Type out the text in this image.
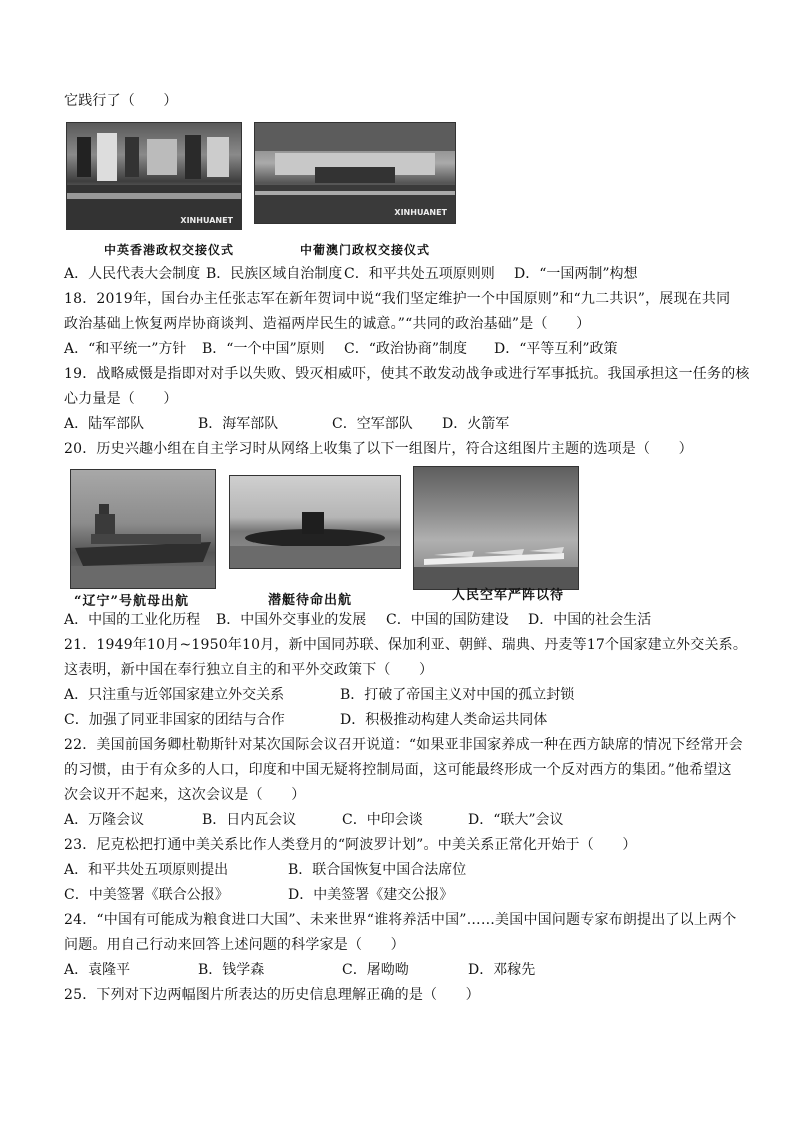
它践行了（　　）
XINHUANET
XINHUANET
中英香港政权交接仪式	中葡澳门政权交接仪式
A．人民代表大会制度 B．民族区域自治制度 C．和平共处五项原则则 D．“一国两制”构想
18．2019年，国台办主任张志军在新年贺词中说“我们坚定维护一个中国原则”和“九二共识”，展现在共同
政治基础上恢复两岸协商谈判、造福两岸民生的诚意。”“共同的政治基础”是（　　）
A．“和平统一”方针 B．“一个中国”原则 C．“政治协商”制度 D．“平等互利”政策
19．战略威慑是指即对对手以失败、毁灭相威吓，使其不敢发动战争或进行军事抵抗。我国承担这一任务的核
心力量是（　　）
A．陆军部队	B．海军部队	C．空军部队 D．火箭军
20．历史兴趣小组在自主学习时从网络上收集了以下一组图片，符合这组图片主题的选项是（　　）
“辽宁”号航母出航	潜艇待命出航	人民空军严阵以待
A．中国的工业化历程 B．中国外交事业的发展 C．中国的国防建设 D．中国的社会生活
21．1949年10月~1950年10月，新中国同苏联、保加利亚、朝鲜、瑞典、丹麦等17个国家建立外交关系。
这表明，新中国在奉行独立自主的和平外交政策下（　　）
A．只注重与近邻国家建立外交关系	B．打破了帝国主义对中国的孤立封锁
C．加强了同亚非国家的团结与合作	D．积极推动构建人类命运共同体
22．美国前国务卿杜勒斯针对某次国际会议召开说道：“如果亚非国家养成一种在西方缺席的情况下经常开会
的习惯，由于有众多的人口，印度和中国无疑将控制局面，这可能最终形成一个反对西方的集团。”他希望这
次会议开不起来，这次会议是（　　）
A．万隆会议	B．日内瓦会议	C．中印会谈	D．“联大”会议
23．尼克松把打通中美关系比作人类登月的“阿波罗计划”。中美关系正常化开始于（　　）
A．和平共处五项原则提出	B．联合国恢复中国合法席位
C．中美签署《联合公报》	D．中美签署《建交公报》
24．“中国有可能成为粮食进口大国”、未来世界“谁将养活中国”……美国中国问题专家布朗提出了以上两个
问题。用自己行动来回答上述问题的科学家是（　　）
A．袁隆平	B．钱学森	C．屠呦呦	D．邓稼先
25．下列对下边两幅图片所表达的历史信息理解正确的是（　　）
